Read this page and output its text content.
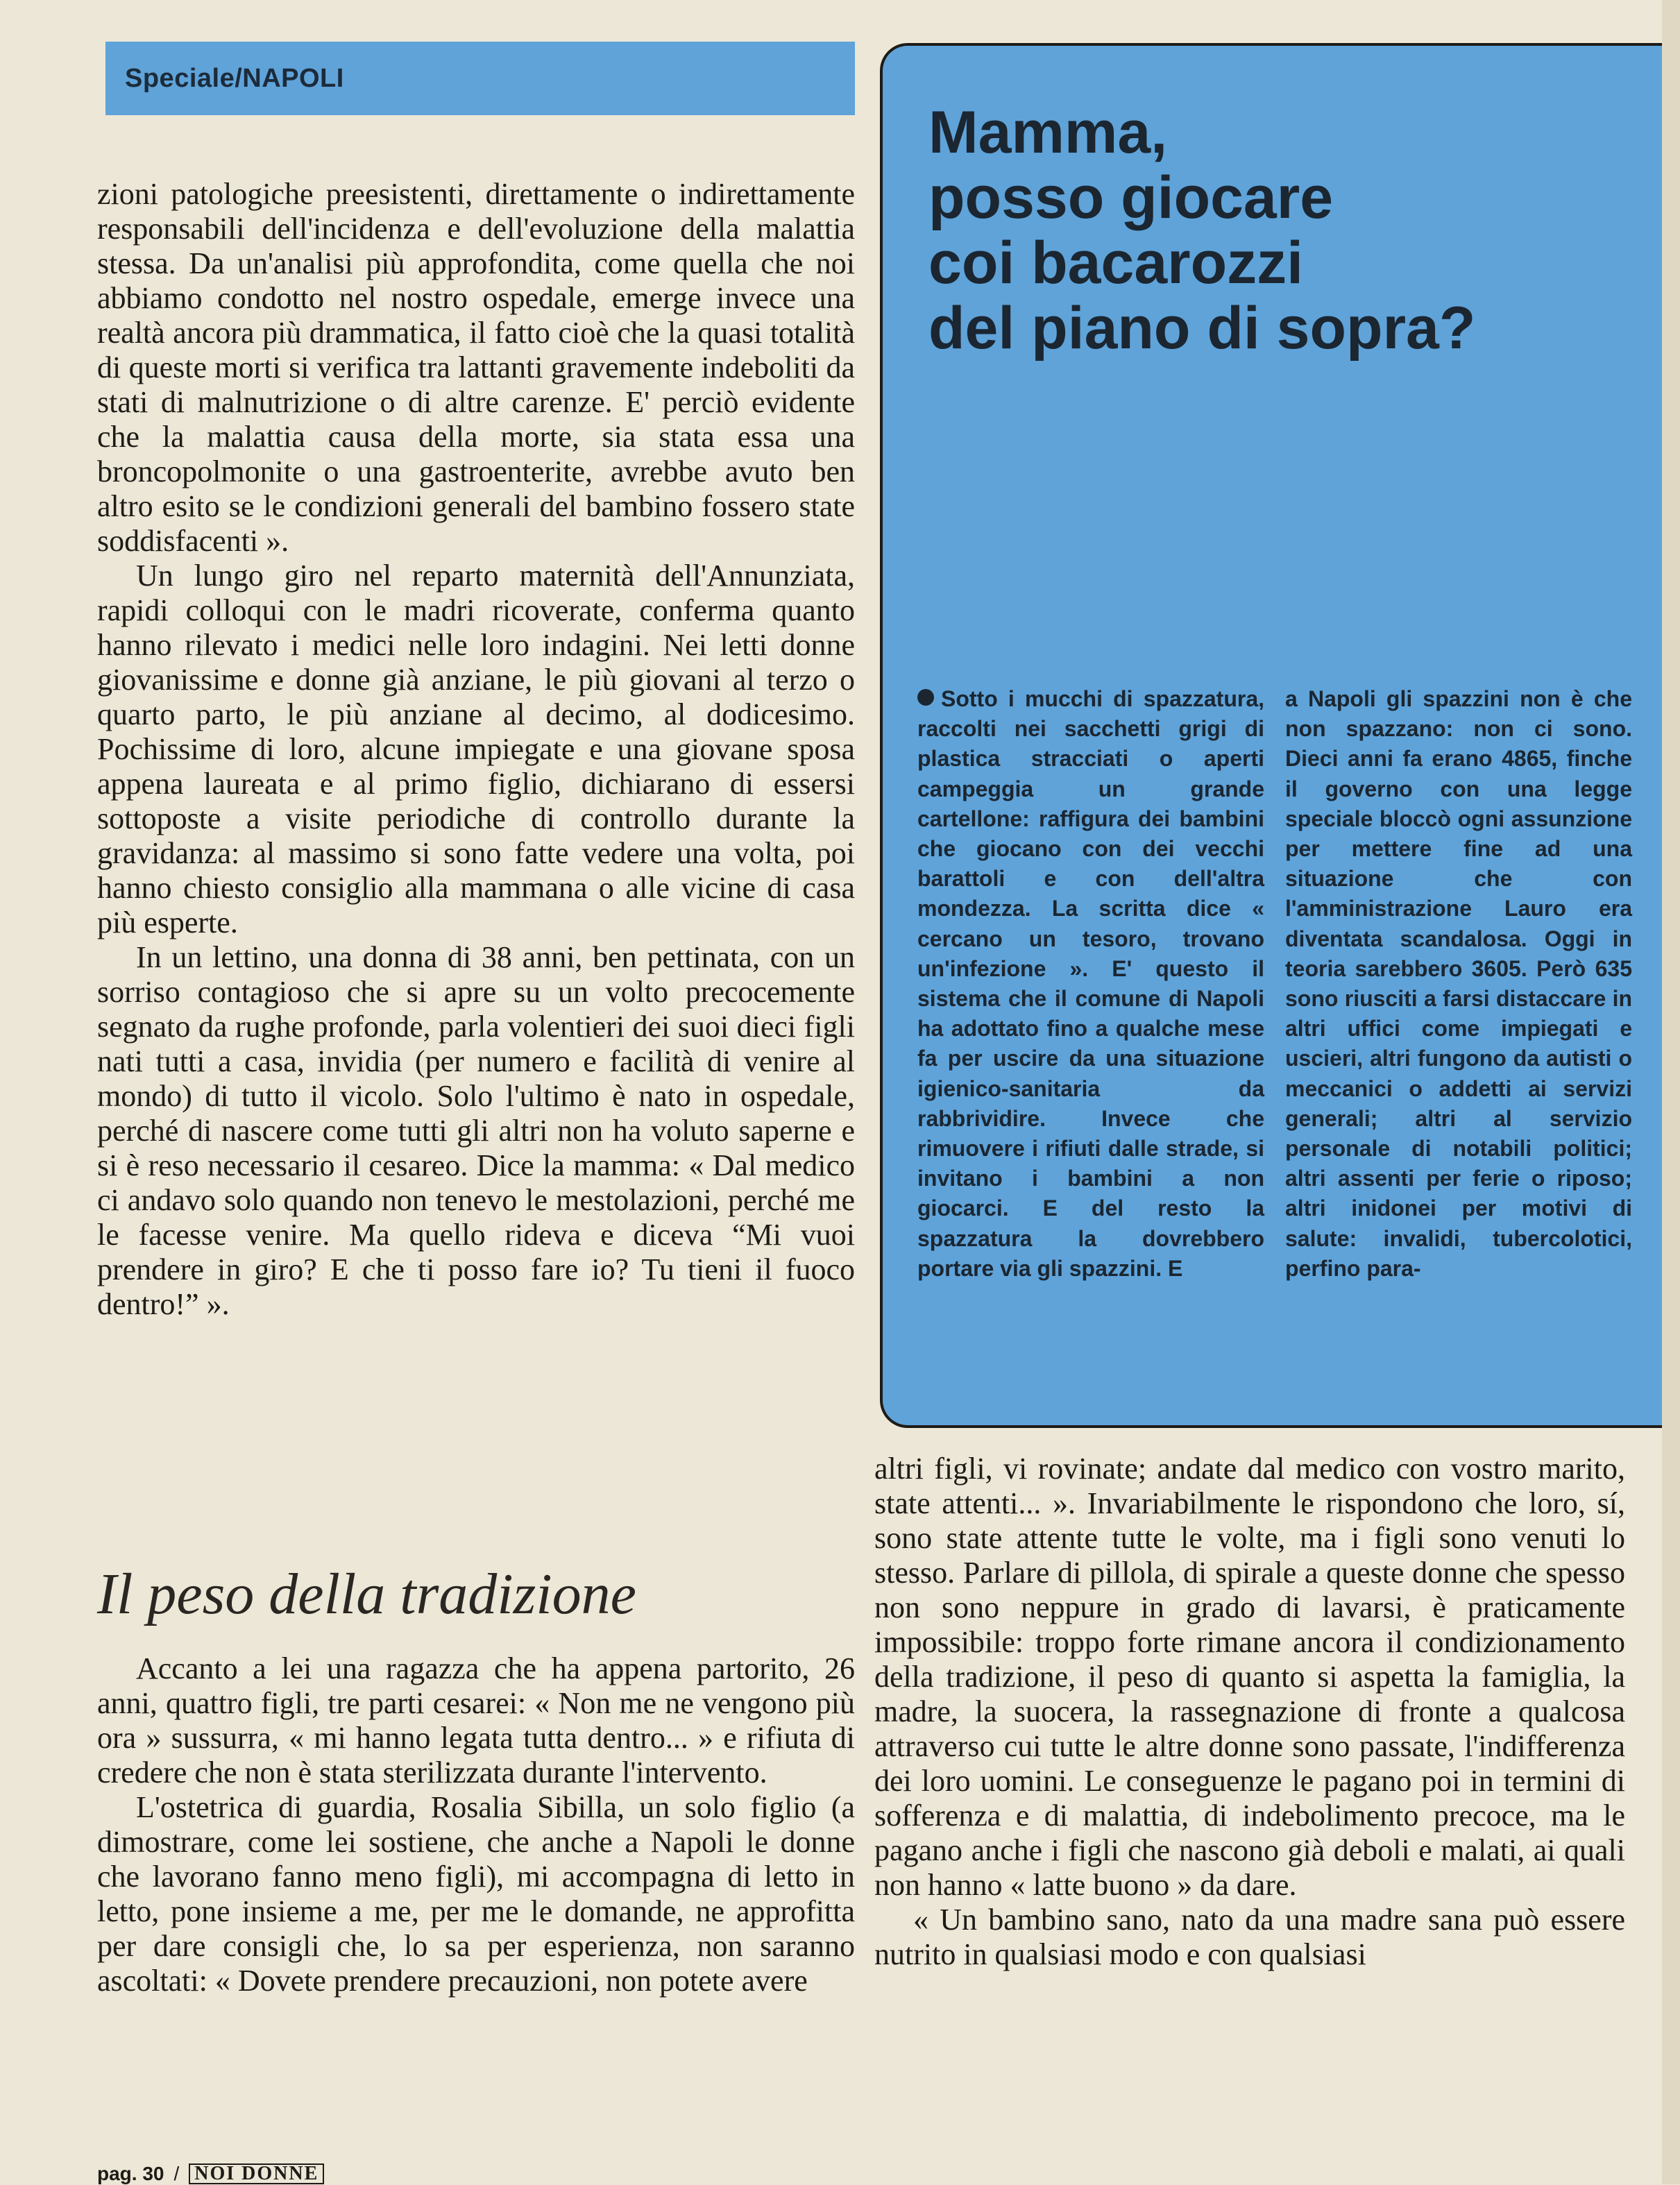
Speciale/NAPOLI

zioni patologiche preesistenti, direttamente o indirettamente responsabili dell'incidenza e dell'evoluzione della malattia stessa. Da un'analisi più approfondita, come quella che noi abbiamo condotto nel nostro ospedale, emerge invece una realtà ancora più drammatica, il fatto cioè che la quasi totalità di queste morti si verifica tra lattanti gravemente indeboliti da stati di malnutrizione o di altre carenze. E' perciò evidente che la malattia causa della morte, sia stata essa una broncopolmonite o una gastroenterite, avrebbe avuto ben altro esito se le condizioni generali del bambino fossero state soddisfacenti ».

Un lungo giro nel reparto maternità dell'Annunziata, rapidi colloqui con le madri ricoverate, conferma quanto hanno rilevato i medici nelle loro indagini. Nei letti donne giovanissime e donne già anziane, le più giovani al terzo o quarto parto, le più anziane al decimo, al dodicesimo. Pochissime di loro, alcune impiegate e una giovane sposa appena laureata e al primo figlio, dichiarano di essersi sottoposte a visite periodiche di controllo durante la gravidanza: al massimo si sono fatte vedere una volta, poi hanno chiesto consiglio alla mammana o alle vicine di casa più esperte.

In un lettino, una donna di 38 anni, ben pettinata, con un sorriso contagioso che si apre su un volto precocemente segnato da rughe profonde, parla volentieri dei suoi dieci figli nati tutti a casa, invidia (per numero e facilità di venire al mondo) di tutto il vicolo. Solo l'ultimo è nato in ospedale, perché di nascere come tutti gli altri non ha voluto saperne e si è reso necessario il cesareo. Dice la mamma: « Dal medico ci andavo solo quando non tenevo le mestolazioni, perché me le facesse venire. Ma quello rideva e diceva “Mi vuoi prendere in giro? E che ti posso fare io? Tu tieni il fuoco dentro!” ».

Il peso della tradizione

Accanto a lei una ragazza che ha appena partorito, 26 anni, quattro figli, tre parti cesarei: « Non me ne vengono più ora » sussurra, « mi hanno legata tutta dentro... » e rifiuta di credere che non è stata sterilizzata durante l'intervento.

L'ostetrica di guardia, Rosalia Sibilla, un solo figlio (a dimostrare, come lei sostiene, che anche a Napoli le donne che lavorano fanno meno figli), mi accompagna di letto in letto, pone insieme a me, per me le domande, ne approfitta per dare consigli che, lo sa per esperienza, non saranno ascoltati: « Dovete prendere precauzioni, non potete avere

Mamma,
posso giocare
coi bacarozzi
del piano di sopra?

Sotto i mucchi di spazzatura, raccolti nei sacchetti grigi di plastica stracciati o aperti campeggia un grande cartellone: raffigura dei bambini che giocano con dei vecchi barattoli e con dell'altra mondezza. La scritta dice « cercano un tesoro, trovano un'infezione ». E' questo il sistema che il comune di Napoli ha adottato fino a qualche mese fa per uscire da una situazione igienico-sanitaria da rabbrividire. Invece che rimuovere i rifiuti dalle strade, si invitano i bambini a non giocarci. E del resto la spazzatura la dovrebbero portare via gli spazzini. E

a Napoli gli spazzini non è che non spazzano: non ci sono. Dieci anni fa erano 4865, finche il governo con una legge speciale bloccò ogni assunzione per mettere fine ad una situazione che con l'amministrazione Lauro era diventata scandalosa. Oggi in teoria sarebbero 3605. Però 635 sono riusciti a farsi distaccare in altri uffici come impiegati e uscieri, altri fungono da autisti o meccanici o addetti ai servizi generali; altri al servizio personale di notabili politici; altri assenti per ferie o riposo; altri inidonei per motivi di salute: invalidi, tubercolotici, perfino para-

altri figli, vi rovinate; andate dal medico con vostro marito, state attenti... ». Invariabilmente le rispondono che loro, sí, sono state attente tutte le volte, ma i figli sono venuti lo stesso. Parlare di pillola, di spirale a queste donne che spesso non sono neppure in grado di lavarsi, è praticamente impossibile: troppo forte rimane ancora il condizionamento della tradizione, il peso di quanto si aspetta la famiglia, la madre, la suocera, la rassegnazione di fronte a qualcosa attraverso cui tutte le altre donne sono passate, l'indifferenza dei loro uomini. Le conseguenze le pagano poi in termini di sofferenza e di malattia, di indebolimento precoce, ma le pagano anche i figli che nascono già deboli e malati, ai quali non hanno « latte buono » da dare.

« Un bambino sano, nato da una madre sana può essere nutrito in qualsiasi modo e con qualsiasi

pag. 30 / NOI DONNE
